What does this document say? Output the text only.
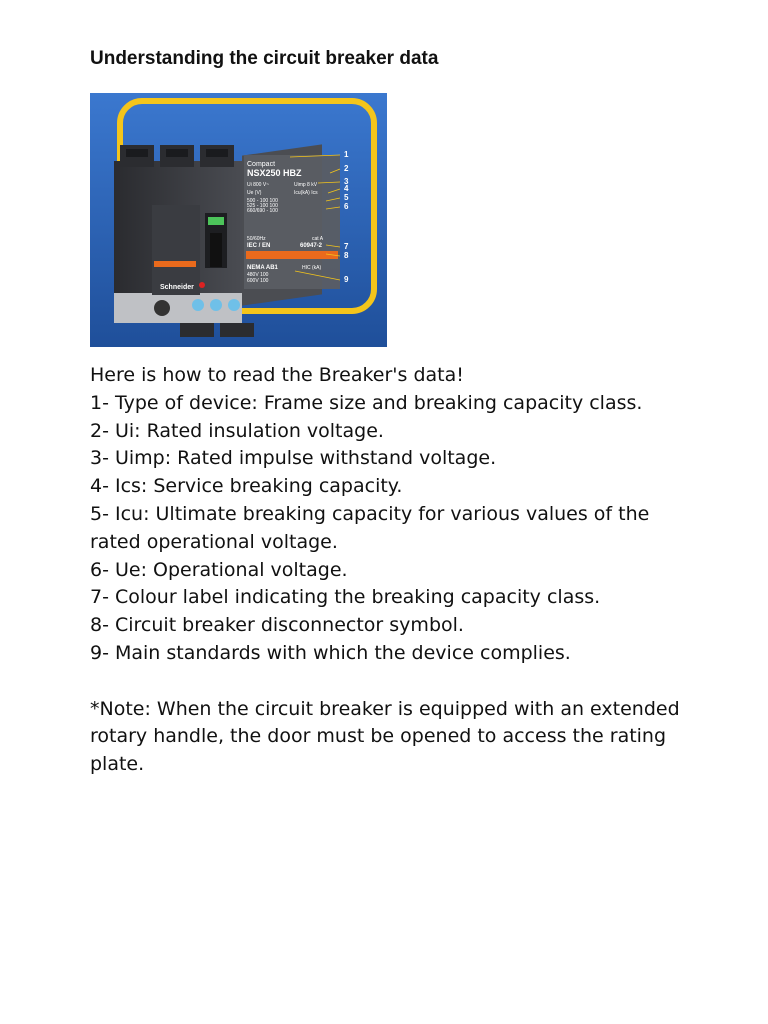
Understanding the circuit breaker data
Schneider
Compact
NSX250 HBZ
Ui 800 V~	Uimp 8 kV
Ue (V)	Icu(kA) Ics
500 - 100 100
525 - 100 100
660/690 - 100
50/60Hz	cat A
IEC / EN	60947-2
NEMA AB1	HIC (kA)
480V 100
600V 100
1
2
3
4
5
6
7
8
9

Here is how to read the Breaker's data!

1- Type of device: Frame size and breaking capacity class.

2- Ui: Rated insulation voltage.

3- Uimp: Rated impulse withstand voltage.

4- Ics: Service breaking capacity.

5- Icu: Ultimate breaking capacity for various values of the rated operational voltage.

6- Ue: Operational voltage.

7- Colour label indicating the breaking capacity class.

8- Circuit breaker disconnector symbol.

9- Main standards with which the device complies.

*Note: When the circuit breaker is equipped with an extended rotary handle, the door must be opened to access the rating plate.
